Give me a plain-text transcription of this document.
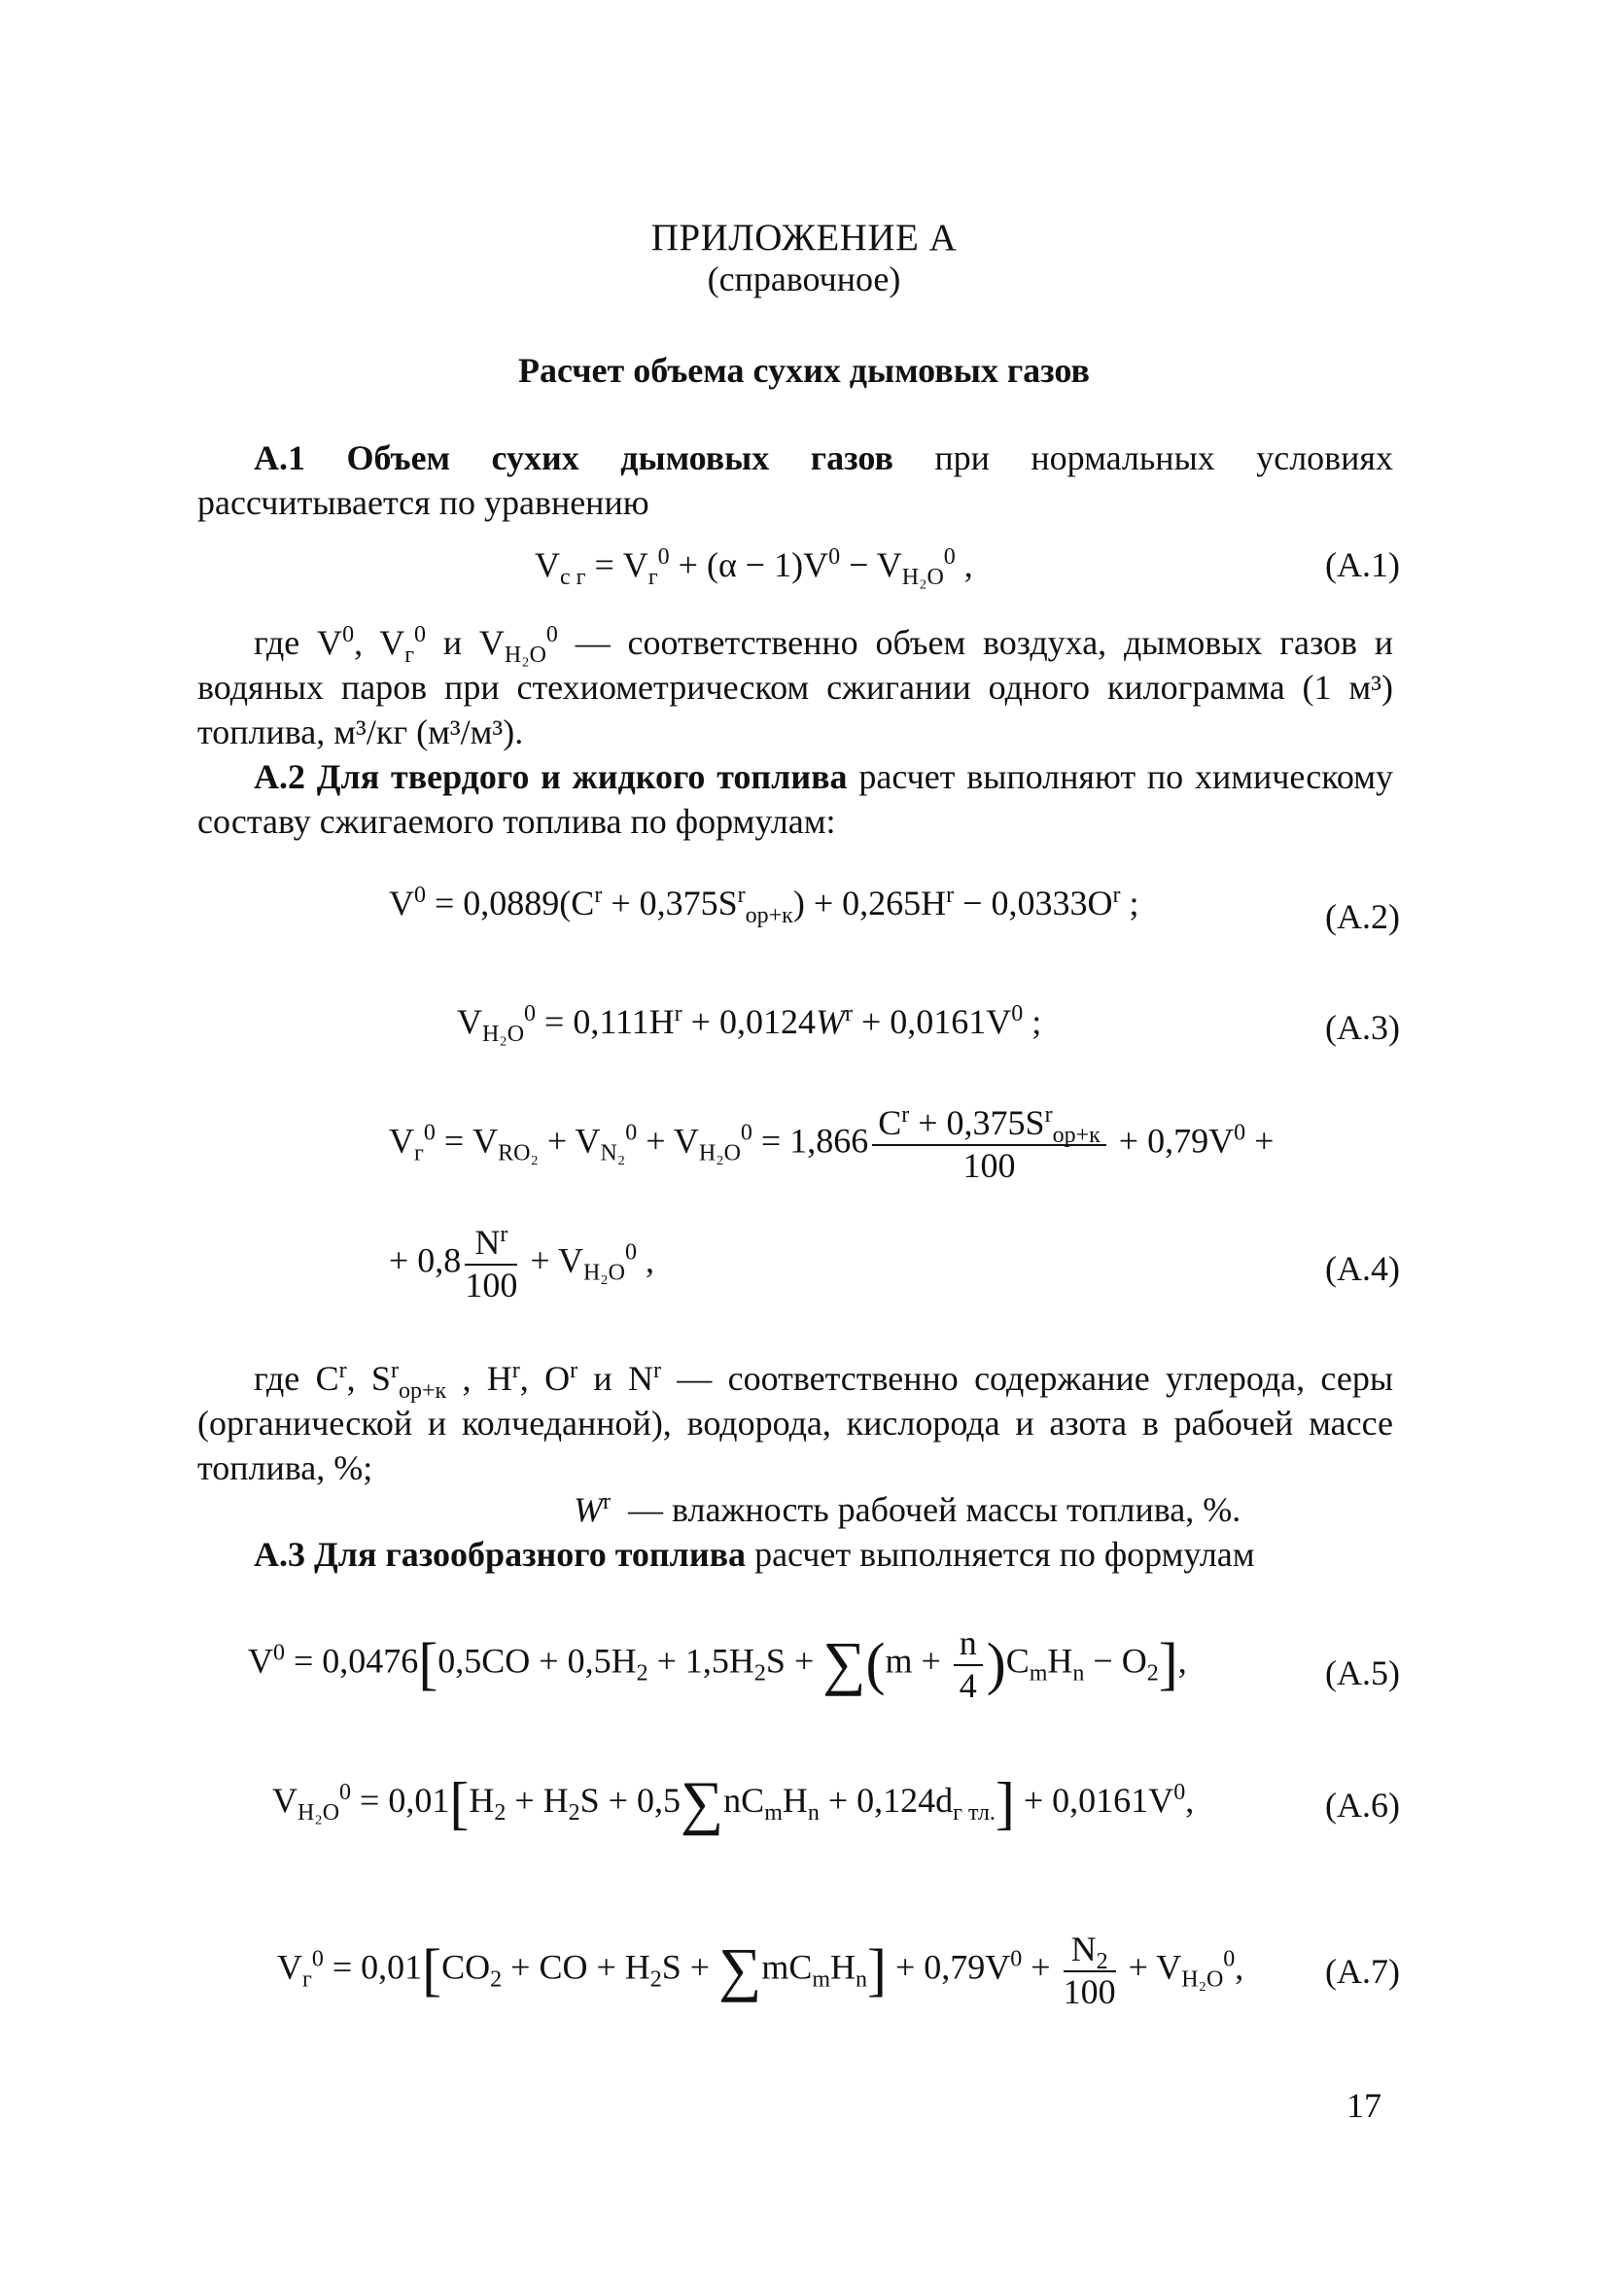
ПРИЛОЖЕНИЕ А
(справочное)
Расчет объема сухих дымовых газов
А.1 Объем сухих дымовых газов при нормальных условиях рассчитывается по уравнению
$V_{с г} = V_г^0 + (\alpha - 1)V^0 - V_{H_2O}^0$ ,	(А.1)
где $V^0$, $V_г^0$ и $V_{H_2O}^0$ — соответственно объем воздуха, дымовых газов и водяных паров при стехиометрическом сжигании одного килограмма (1 м³) топлива, м³/кг (м³/м³).
А.2 Для твердого и жидкого топлива расчет выполняют по химическому составу сжигаемого топлива по формулам:
$V^0 = 0,0889(C^r + 0,375S^r_{ор+к}) + 0,265H^r - 0,0333O^r$ ;	(А.2)
$V_{H_2O}^0 = 0,111H^r + 0,0124W^r + 0,0161V^0$ ;	(А.3)
$V_г^0 = V_{RO_2} + V_{N_2}^0 + V_{H_2O}^0 = 1,866 \frac{C^r + 0,375S^r_{ор+к}}{100} + 0,79V^0$ +
+ $0,8 \frac{N^r}{100} + V_{H_2O}^0$ ,	(А.4)
где $C^r$, $S^r_{ор+к}$ , $H^r$, $O^r$ и $N^r$ — соответственно содержание углерода, серы (органической и колчеданной), водорода, кислорода и азота в рабочей массе топлива, %;
$W^r$ — влажность рабочей массы топлива, %.
А.3 Для газообразного топлива расчет выполняется по формулам
$V^0 = 0,0476[0,5CO + 0,5H_2 + 1,5H_2S + \sum(m + \frac{n}{4} )C_mH_n - O_2]$,	(А.5)
$V_{H_2O}^0 = 0,01[H_2 + H_2S + 0,5\sum nC_mH_n + 0,124d_{г тл.}] + 0,0161V^0$,	(А.6)
$V_г^0 = 0,01[CO_2$ + CO + $H_2S + \sum mC_mH_n] + 0,79V^0 + \frac{N_2}{100} + V_{H_2O}^0$, (А.7)
17
